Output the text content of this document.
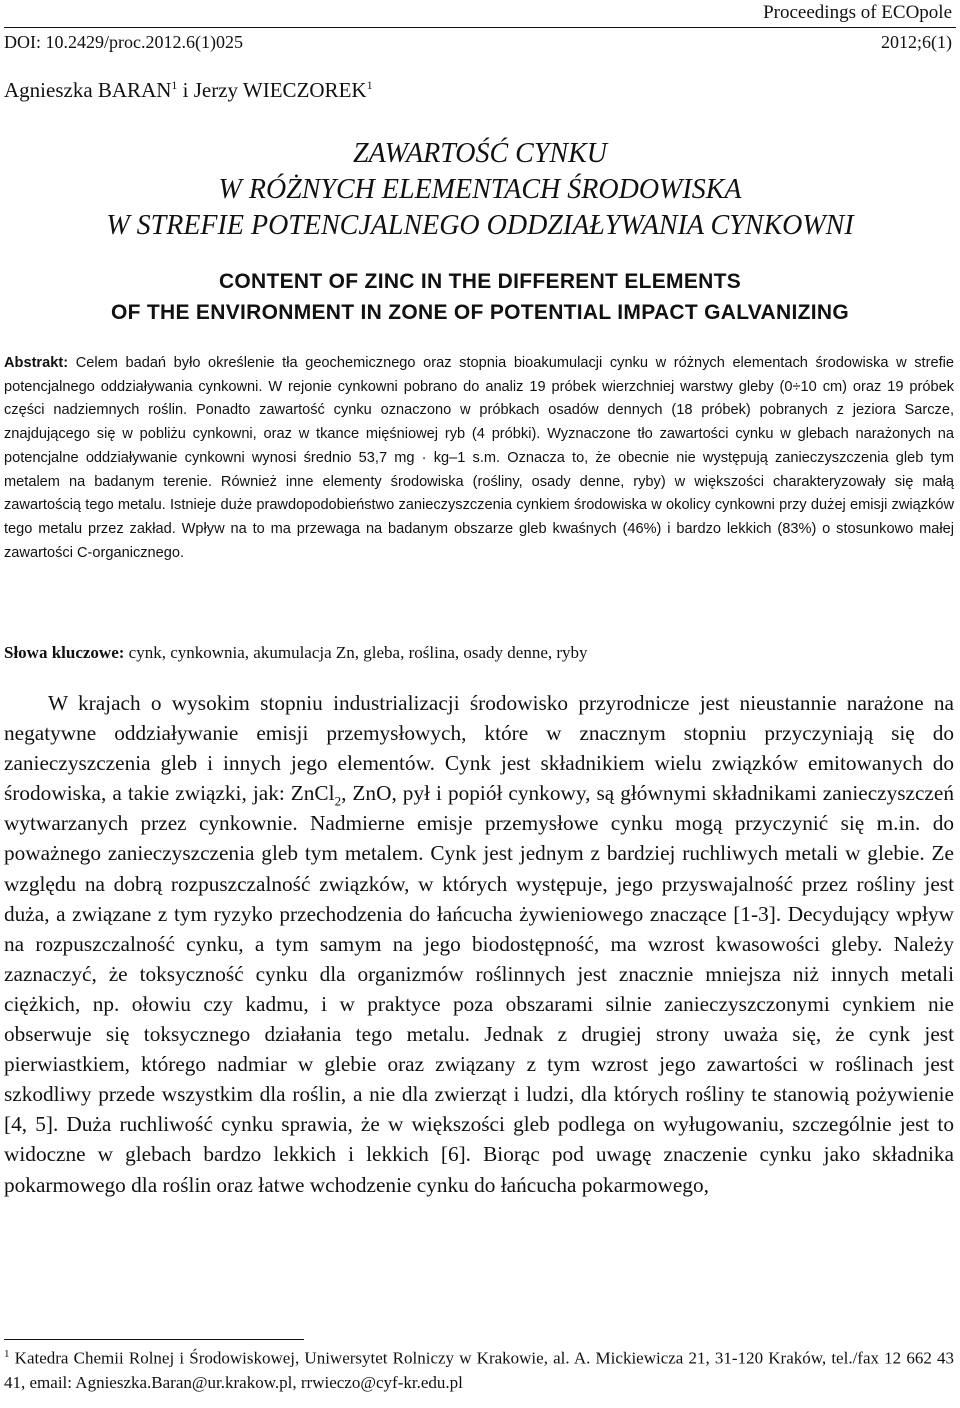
Proceedings of ECOpole
DOI: 10.2429/proc.2012.6(1)025	2012;6(1)
Agnieszka BARAN$^1$ i Jerzy WIECZOREK$^1$
ZAWARTOŚĆ CYNKU
W RÓŻNYCH ELEMENTACH ŚRODOWISKA
W STREFIE POTENCJALNEGO ODDZIAŁYWANIA CYNKOWNI
CONTENT OF ZINC IN THE DIFFERENT ELEMENTS
OF THE ENVIRONMENT IN ZONE OF POTENTIAL IMPACT GALVANIZING
Abstrakt: Celem badań było określenie tła geochemicznego oraz stopnia bioakumulacji cynku w różnych elementach środowiska w strefie potencjalnego oddziaływania cynkowni. W rejonie cynkowni pobrano do analiz 19 próbek wierzchniej warstwy gleby (0÷10 cm) oraz 19 próbek części nadziemnych roślin. Ponadto zawartość cynku oznaczono w próbkach osadów dennych (18 próbek) pobranych z jeziora Sarcze, znajdującego się w pobliżu cynkowni, oraz w tkance mięśniowej ryb (4 próbki). Wyznaczone tło zawartości cynku w glebach narażonych na potencjalne oddziaływanie cynkowni wynosi średnio 53,7 mg · kg–1 s.m. Oznacza to, że obecnie nie występują zanieczyszczenia gleb tym metalem na badanym terenie. Również inne elementy środowiska (rośliny, osady denne, ryby) w większości charakteryzowały się małą zawartością tego metalu. Istnieje duże prawdopodobieństwo zanieczyszczenia cynkiem środowiska w okolicy cynkowni przy dużej emisji związków tego metalu przez zakład. Wpływ na to ma przewaga na badanym obszarze gleb kwaśnych (46%) i bardzo lekkich (83%) o stosunkowo małej zawartości C-organicznego.
Słowa kluczowe: cynk, cynkownia, akumulacja Zn, gleba, roślina, osady denne, ryby
W krajach o wysokim stopniu industrializacji środowisko przyrodnicze jest nieustannie narażone na negatywne oddziaływanie emisji przemysłowych, które w znacznym stopniu przyczyniają się do zanieczyszczenia gleb i innych jego elementów. Cynk jest składnikiem wielu związków emitowanych do środowiska, a takie związki, jak: ZnCl$_2$, ZnO, pył i popiół cynkowy, są głównymi składnikami zanieczyszczeń wytwarzanych przez cynkownie. Nadmierne emisje przemysłowe cynku mogą przyczynić się m.in. do poważnego zanieczyszczenia gleb tym metalem. Cynk jest jednym z bardziej ruchliwych metali w glebie. Ze względu na dobrą rozpuszczalność związków, w których występuje, jego przyswajalność przez rośliny jest duża, a związane z tym ryzyko przechodzenia do łańcucha żywieniowego znaczące [1-3]. Decydujący wpływ na rozpuszczalność cynku, a tym samym na jego biodostępność, ma wzrost kwasowości gleby. Należy zaznaczyć, że toksyczność cynku dla organizmów roślinnych jest znacznie mniejsza niż innych metali ciężkich, np. ołowiu czy kadmu, i w praktyce poza obszarami silnie zanieczyszczonymi cynkiem nie obserwuje się toksycznego działania tego metalu. Jednak z drugiej strony uważa się, że cynk jest pierwiastkiem, którego nadmiar w glebie oraz związany z tym wzrost jego zawartości w roślinach jest szkodliwy przede wszystkim dla roślin, a nie dla zwierząt i ludzi, dla których rośliny te stanowią pożywienie [4, 5]. Duża ruchliwość cynku sprawia, że w większości gleb podlega on wyługowaniu, szczególnie jest to widoczne w glebach bardzo lekkich i lekkich [6]. Biorąc pod uwagę znaczenie cynku jako składnika pokarmowego dla roślin oraz łatwe wchodzenie cynku do łańcucha pokarmowego,
$^1$ Katedra Chemii Rolnej i Środowiskowej, Uniwersytet Rolniczy w Krakowie, al. A. Mickiewicza 21, 31-120 Kraków, tel./fax 12 662 43 41, email: Agnieszka.Baran@ur.krakow.pl, rrwieczo@cyf-kr.edu.pl
